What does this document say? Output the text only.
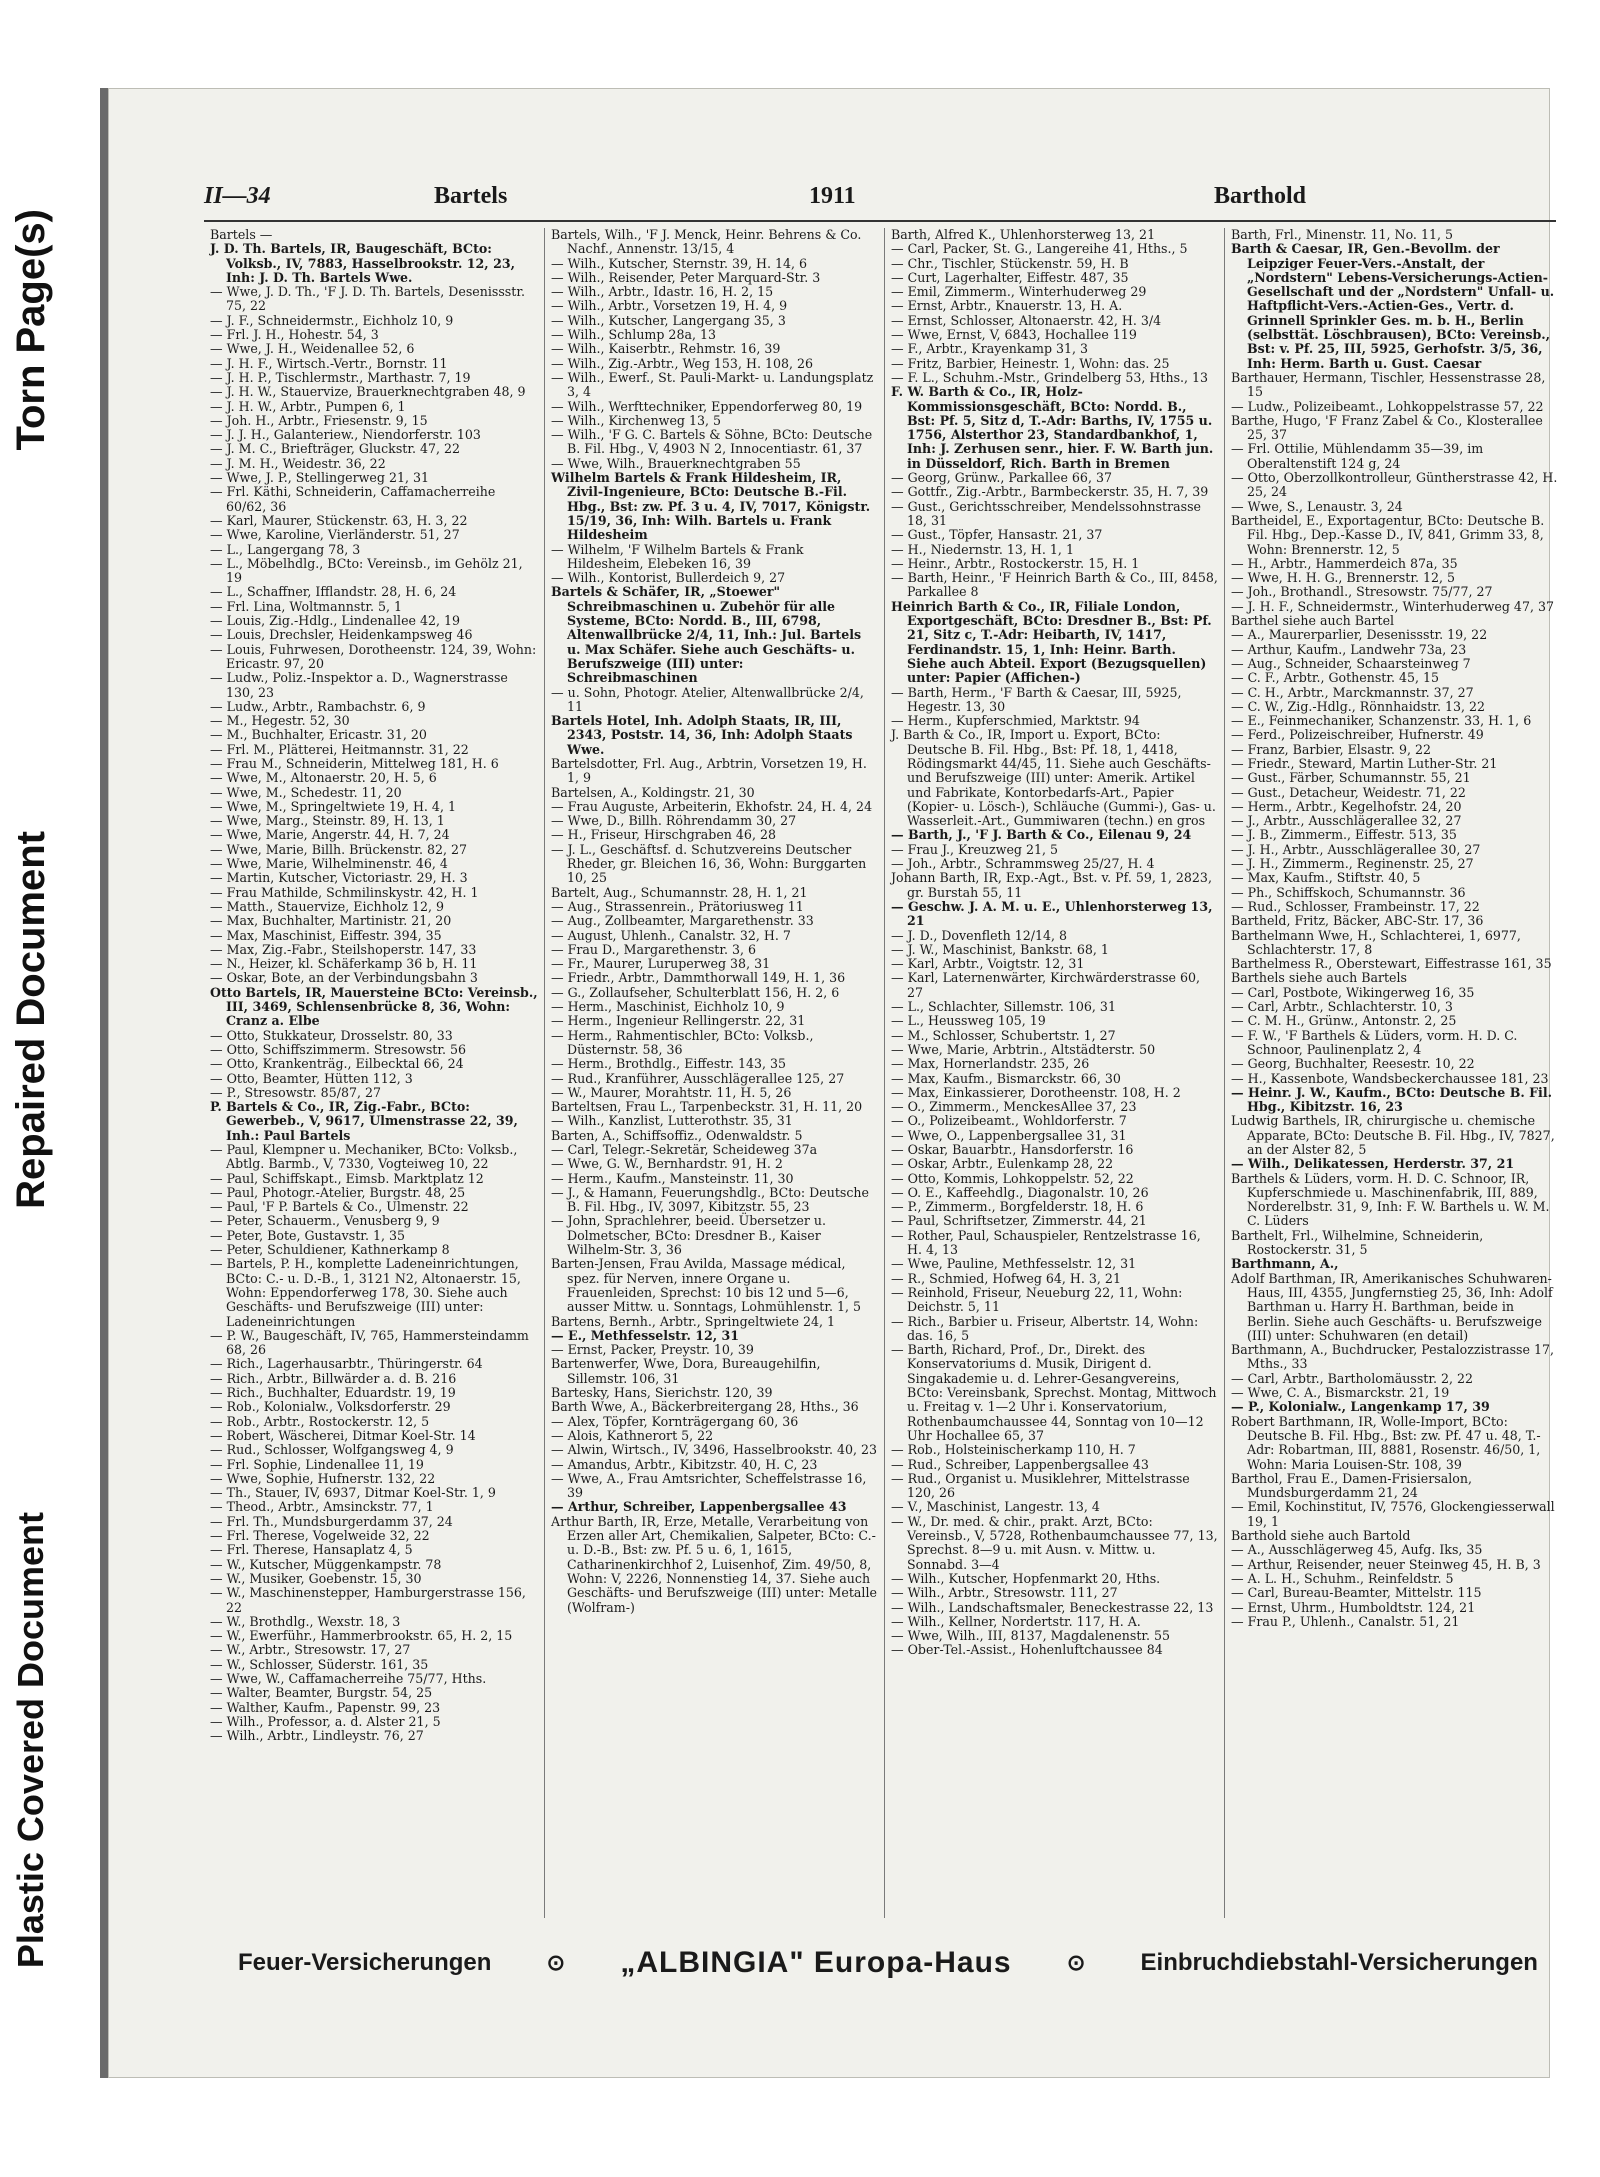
Torn Page(s)
Repaired Document
Plastic Covered Document
II—34	Bartels	1911	Barthold

Bartels —

J. D. Th. Bartels, IR, Baugeschäft, BCto: Volksb., IV, 7883, Hasselbrookstr. 12, 23, Inh: J. D. Th. Bartels Wwe.

— Wwe, J. D. Th., 'F J. D. Th. Bartels, Desenissstr. 75, 22

— J. F., Schneidermstr., Eichholz 10, 9

— Frl. J. H., Hohestr. 54, 3

— Wwe, J. H., Weidenallee 52, 6

— J. H. F., Wirtsch.-Vertr., Bornstr. 11

— J. H. P., Tischlermstr., Marthastr. 7, 19

— J. H. W., Stauervize, Brauerknechtgraben 48, 9

— J. H. W., Arbtr., Pumpen 6, 1

— Joh. H., Arbtr., Friesenstr. 9, 15

— J. J. H., Galanteriew., Niendorferstr. 103

— J. M. C., Briefträger, Gluckstr. 47, 22

— J. M. H., Weidestr. 36, 22

— Wwe, J. P., Stellingerweg 21, 31

— Frl. Käthi, Schneiderin, Caffamacherreihe 60/62, 36

— Karl, Maurer, Stückenstr. 63, H. 3, 22

— Wwe, Karoline, Vierländerstr. 51, 27

— L., Langergang 78, 3

— L., Möbelhdlg., BCto: Vereinsb., im Gehölz 21, 19

— L., Schaffner, Ifflandstr. 28, H. 6, 24

— Frl. Lina, Woltmannstr. 5, 1

— Louis, Zig.-Hdlg., Lindenallee 42, 19

— Louis, Drechsler, Heidenkampsweg 46

— Louis, Fuhrwesen, Dorotheenstr. 124, 39, Wohn: Ericastr. 97, 20

— Ludw., Poliz.-Inspektor a. D., Wagnerstrasse 130, 23

— Ludw., Arbtr., Rambachstr. 6, 9

— M., Hegestr. 52, 30

— M., Buchhalter, Ericastr. 31, 20

— Frl. M., Plätterei, Heitmannstr. 31, 22

— Frau M., Schneiderin, Mittelweg 181, H. 6

— Wwe, M., Altonaerstr. 20, H. 5, 6

— Wwe, M., Schedestr. 11, 20

— Wwe, M., Springeltwiete 19, H. 4, 1

— Wwe, Marg., Steinstr. 89, H. 13, 1

— Wwe, Marie, Angerstr. 44, H. 7, 24

— Wwe, Marie, Billh. Brückenstr. 82, 27

— Wwe, Marie, Wilhelminenstr. 46, 4

— Martin, Kutscher, Victoriastr. 29, H. 3

— Frau Mathilde, Schmilinskystr. 42, H. 1

— Matth., Stauervize, Eichholz 12, 9

— Max, Buchhalter, Martinistr. 21, 20

— Max, Maschinist, Eiffestr. 394, 35

— Max, Zig.-Fabr., Steilshoperstr. 147, 33

— N., Heizer, kl. Schäferkamp 36 b, H. 11

— Oskar, Bote, an der Verbindungsbahn 3

Otto Bartels, IR, Mauersteine BCto: Vereinsb., III, 3469, Schlensenbrücke 8, 36, Wohn: Cranz a. Elbe

— Otto, Stukkateur, Drosselstr. 80, 33

— Otto, Schiffszimmerm. Stresowstr. 56

— Otto, Krankenträg., Eilbecktal 66, 24

— Otto, Beamter, Hütten 112, 3

— P., Stresowstr. 85/87, 27

P. Bartels & Co., IR, Zig.-Fabr., BCto: Gewerbeb., V, 9617, Ulmenstrasse 22, 39, Inh.: Paul Bartels

— Paul, Klempner u. Mechaniker, BCto: Volksb., Abtlg. Barmb., V, 7330, Vogteiweg 10, 22

— Paul, Schiffskapt., Eimsb. Marktplatz 12

— Paul, Photogr.-Atelier, Burgstr. 48, 25

— Paul, 'F P. Bartels & Co., Ulmenstr. 22

— Peter, Schauerm., Venusberg 9, 9

— Peter, Bote, Gustavstr. 1, 35

— Peter, Schuldiener, Kathnerkamp 8

— Bartels, P. H., komplette Ladeneinrichtungen, BCto: C.- u. D.-B., 1, 3121 N2, Altonaerstr. 15, Wohn: Eppendorferweg 178, 30. Siehe auch Geschäfts- und Berufszweige (III) unter: Ladeneinrichtungen

— P. W., Baugeschäft, IV, 765, Hammersteindamm 68, 26

— Rich., Lagerhausarbtr., Thüringerstr. 64

— Rich., Arbtr., Billwärder a. d. B. 216

— Rich., Buchhalter, Eduardstr. 19, 19

— Rob., Kolonialw., Volksdorferstr. 29

— Rob., Arbtr., Rostockerstr. 12, 5

— Robert, Wäscherei, Ditmar Koel-Str. 14

— Rud., Schlosser, Wolfgangsweg 4, 9

— Frl. Sophie, Lindenallee 11, 19

— Wwe, Sophie, Hufnerstr. 132, 22

— Th., Stauer, IV, 6937, Ditmar Koel-Str. 1, 9

— Theod., Arbtr., Amsinckstr. 77, 1

— Frl. Th., Mundsburgerdamm 37, 24

— Frl. Therese, Vogelweide 32, 22

— Frl. Therese, Hansaplatz 4, 5

— W., Kutscher, Müggenkampstr. 78

— W., Musiker, Goebenstr. 15, 30

— W., Maschinenstepper, Hamburgerstrasse 156, 22

— W., Brothdlg., Wexstr. 18, 3

— W., Ewerführ., Hammerbrookstr. 65, H. 2, 15

— W., Arbtr., Stresowstr. 17, 27

— W., Schlosser, Süderstr. 161, 35

— Wwe, W., Caffamacherreihe 75/77, Hths.

— Walter, Beamter, Burgstr. 54, 25

— Walther, Kaufm., Papenstr. 99, 23

— Wilh., Professor, a. d. Alster 21, 5

— Wilh., Arbtr., Lindleystr. 76, 27

Bartels, Wilh., 'F J. Menck, Heinr. Behrens & Co. Nachf., Annenstr. 13/15, 4

— Wilh., Kutscher, Sternstr. 39, H. 14, 6

— Wilh., Reisender, Peter Marquard-Str. 3

— Wilh., Arbtr., Idastr. 16, H. 2, 15

— Wilh., Arbtr., Vorsetzen 19, H. 4, 9

— Wilh., Kutscher, Langergang 35, 3

— Wilh., Schlump 28a, 13

— Wilh., Kaiserbtr., Rehmstr. 16, 39

— Wilh., Zig.-Arbtr., Weg 153, H. 108, 26

— Wilh., Ewerf., St. Pauli-Markt- u. Landungsplatz 3, 4

— Wilh., Werfttechniker, Eppendorferweg 80, 19

— Wilh., Kirchenweg 13, 5

— Wilh., 'F G. C. Bartels & Söhne, BCto: Deutsche B. Fil. Hbg., V, 4903 N 2, Innocentiastr. 61, 37

— Wwe, Wilh., Brauerknechtgraben 55

Wilhelm Bartels & Frank Hildesheim, IR, Zivil-Ingenieure, BCto: Deutsche B.-Fil. Hbg., Bst: zw. Pf. 3 u. 4, IV, 7017, Königstr. 15/19, 36, Inh: Wilh. Bartels u. Frank Hildesheim

— Wilhelm, 'F Wilhelm Bartels & Frank Hildesheim, Elebeken 16, 39

— Wilh., Kontorist, Bullerdeich 9, 27

Bartels & Schäfer, IR, „Stoewer" Schreibmaschinen u. Zubehör für alle Systeme, BCto: Nordd. B., III, 6798, Altenwallbrücke 2/4, 11, Inh.: Jul. Bartels u. Max Schäfer. Siehe auch Geschäfts- u. Berufszweige (III) unter: Schreibmaschinen

— u. Sohn, Photogr. Atelier, Altenwallbrücke 2/4, 11

Bartels Hotel, Inh. Adolph Staats, IR, III, 2343, Poststr. 14, 36, Inh: Adolph Staats Wwe.

Bartelsdotter, Frl. Aug., Arbtrin, Vorsetzen 19, H. 1, 9

Bartelsen, A., Koldingstr. 21, 30

— Frau Auguste, Arbeiterin, Ekhofstr. 24, H. 4, 24

— Wwe, D., Billh. Röhrendamm 30, 27

— H., Friseur, Hirschgraben 46, 28

— J. L., Geschäftsf. d. Schutzvereins Deutscher Rheder, gr. Bleichen 16, 36, Wohn: Burggarten 10, 25

Bartelt, Aug., Schumannstr. 28, H. 1, 21

— Aug., Strassenrein., Prätoriusweg 11

— Aug., Zollbeamter, Margarethenstr. 33

— August, Uhlenh., Canalstr. 32, H. 7

— Frau D., Margarethenstr. 3, 6

— Fr., Maurer, Luruperweg 38, 31

— Friedr., Arbtr., Dammthorwall 149, H. 1, 36

— G., Zollaufseher, Schulterblatt 156, H. 2, 6

— Herm., Maschinist, Eichholz 10, 9

— Herm., Ingenieur Rellingerstr. 22, 31

— Herm., Rahmentischler, BCto: Volksb., Düsternstr. 58, 36

— Herm., Brothdlg., Eiffestr. 143, 35

— Rud., Kranführer, Ausschlägerallee 125, 27

— W., Maurer, Morahtstr. 11, H. 5, 26

Barteltsen, Frau L., Tarpenbeckstr. 31, H. 11, 20

— Wilh., Kanzlist, Lutterothstr. 35, 31

Barten, A., Schiffsoffiz., Odenwaldstr. 5

— Carl, Telegr.-Sekretär, Scheideweg 37a

— Wwe, G. W., Bernhardstr. 91, H. 2

— Herm., Kaufm., Mansteinstr. 11, 30

— J., & Hamann, Feuerungshdlg., BCto: Deutsche B. Fil. Hbg., IV, 3097, Kibitzstr. 55, 23

— John, Sprachlehrer, beeid. Übersetzer u. Dolmetscher, BCto: Dresdner B., Kaiser Wilhelm-Str. 3, 36

Barten-Jensen, Frau Avilda, Massage médical, spez. für Nerven, innere Organe u. Frauenleiden, Sprechst: 10 bis 12 und 5—6, ausser Mittw. u. Sonntags, Lohmühlenstr. 1, 5

Bartens, Bernh., Arbtr., Springeltwiete 24, 1

— E., Methfesselstr. 12, 31

— Ernst, Packer, Preystr. 10, 39

Bartenwerfer, Wwe, Dora, Bureaugehilfin, Sillemstr. 106, 31

Bartesky, Hans, Sierichstr. 120, 39

Barth Wwe, A., Bäckerbreitergang 28, Hths., 36

— Alex, Töpfer, Kornträgergang 60, 36

— Alois, Kathnerort 5, 22

— Alwin, Wirtsch., IV, 3496, Hasselbrookstr. 40, 23

— Amandus, Arbtr., Kibitzstr. 40, H. C, 23

— Wwe, A., Frau Amtsrichter, Scheffelstrasse 16, 39

— Arthur, Schreiber, Lappenbergsallee 43

Arthur Barth, IR, Erze, Metalle, Verarbeitung von Erzen aller Art, Chemikalien, Salpeter, BCto: C.- u. D.-B., Bst: zw. Pf. 5 u. 6, 1, 1615, Catharinenkirchhof 2, Luisenhof, Zim. 49/50, 8, Wohn: V, 2226, Nonnenstieg 14, 37. Siehe auch Geschäfts- und Berufszweige (III) unter: Metalle (Wolfram-)

Barth, Alfred K., Uhlenhorsterweg 13, 21

— Carl, Packer, St. G., Langereihe 41, Hths., 5

— Chr., Tischler, Stückenstr. 59, H. B

— Curt, Lagerhalter, Eiffestr. 487, 35

— Emil, Zimmerm., Winterhuderweg 29

— Ernst, Arbtr., Knauerstr. 13, H. A.

— Ernst, Schlosser, Altonaerstr. 42, H. 3/4

— Wwe, Ernst, V, 6843, Hochallee 119

— F., Arbtr., Krayenkamp 31, 3

— Fritz, Barbier, Heinestr. 1, Wohn: das. 25

— F. L., Schuhm.-Mstr., Grindelberg 53, Hths., 13

F. W. Barth & Co., IR, Holz-Kommissionsgeschäft, BCto: Nordd. B., Bst: Pf. 5, Sitz d, T.-Adr: Barths, IV, 1755 u. 1756, Alsterthor 23, Standardbankhof, 1, Inh: J. Zerhusen senr., hier. F. W. Barth jun. in Düsseldorf, Rich. Barth in Bremen

— Georg, Grünw., Parkallee 66, 37

— Gottfr., Zig.-Arbtr., Barmbeckerstr. 35, H. 7, 39

— Gust., Gerichtsschreiber, Mendelssohnstrasse 18, 31

— Gust., Töpfer, Hansastr. 21, 37

— H., Niedernstr. 13, H. 1, 1

— Heinr., Arbtr., Rostockerstr. 15, H. 1

— Barth, Heinr., 'F Heinrich Barth & Co., III, 8458, Parkallee 8

Heinrich Barth & Co., IR, Filiale London, Exportgeschäft, BCto: Dresdner B., Bst: Pf. 21, Sitz c, T.-Adr: Heibarth, IV, 1417, Ferdinandstr. 15, 1, Inh: Heinr. Barth. Siehe auch Abteil. Export (Bezugsquellen) unter: Papier (Affichen-)

— Barth, Herm., 'F Barth & Caesar, III, 5925, Hegestr. 13, 30

— Herm., Kupferschmied, Marktstr. 94

J. Barth & Co., IR, Import u. Export, BCto: Deutsche B. Fil. Hbg., Bst: Pf. 18, 1, 4418, Rödingsmarkt 44/45, 11. Siehe auch Geschäfts- und Berufszweige (III) unter: Amerik. Artikel und Fabrikate, Kontorbedarfs-Art., Papier (Kopier- u. Lösch-), Schläuche (Gummi-), Gas- u. Wasserleit.-Art., Gummiwaren (techn.) en gros

— Barth, J., 'F J. Barth & Co., Eilenau 9, 24

— Frau J., Kreuzweg 21, 5

— Joh., Arbtr., Schrammsweg 25/27, H. 4

Johann Barth, IR, Exp.-Agt., Bst. v. Pf. 59, 1, 2823, gr. Burstah 55, 11

— Geschw. J. A. M. u. E., Uhlenhorsterweg 13, 21

— J. D., Dovenfleth 12/14, 8

— J. W., Maschinist, Bankstr. 68, 1

— Karl, Arbtr., Voigtstr. 12, 31

— Karl, Laternenwärter, Kirchwärderstrasse 60, 27

— L., Schlachter, Sillemstr. 106, 31

— L., Heussweg 105, 19

— M., Schlosser, Schubertstr. 1, 27

— Wwe, Marie, Arbtrin., Altstädterstr. 50

— Max, Hornerlandstr. 235, 26

— Max, Kaufm., Bismarckstr. 66, 30

— Max, Einkassierer, Dorotheenstr. 108, H. 2

— O., Zimmerm., MenckesAllee 37, 23

— O., Polizeibeamt., Wohldorferstr. 7

— Wwe, O., Lappenbergsallee 31, 31

— Oskar, Bauarbtr., Hansdorferstr. 16

— Oskar, Arbtr., Eulenkamp 28, 22

— Otto, Kommis, Lohkoppelstr. 52, 22

— O. E., Kaffeehdlg., Diagonalstr. 10, 26

— P., Zimmerm., Borgfelderstr. 18, H. 6

— Paul, Schriftsetzer, Zimmerstr. 44, 21

— Rother, Paul, Schauspieler, Rentzelstrasse 16, H. 4, 13

— Wwe, Pauline, Methfesselstr. 12, 31

— R., Schmied, Hofweg 64, H. 3, 21

— Reinhold, Friseur, Neueburg 22, 11, Wohn: Deichstr. 5, 11

— Rich., Barbier u. Friseur, Albertstr. 14, Wohn: das. 16, 5

— Barth, Richard, Prof., Dr., Direkt. des Konservatoriums d. Musik, Dirigent d. Singakademie u. d. Lehrer-Gesangvereins, BCto: Vereinsbank, Sprechst. Montag, Mittwoch u. Freitag v. 1—2 Uhr i. Konservatorium, Rothenbaumchaussee 44, Sonntag von 10—12 Uhr Hochallee 65, 37

— Rob., Holsteinischerkamp 110, H. 7

— Rud., Schreiber, Lappenbergsallee 43

— Rud., Organist u. Musiklehrer, Mittelstrasse 120, 26

— V., Maschinist, Langestr. 13, 4

— W., Dr. med. & chir., prakt. Arzt, BCto: Vereinsb., V, 5728, Rothenbaumchaussee 77, 13, Sprechst. 8—9 u. mit Ausn. v. Mittw. u. Sonnabd. 3—4

— Wilh., Kutscher, Hopfenmarkt 20, Hths.

— Wilh., Arbtr., Stresowstr. 111, 27

— Wilh., Landschaftsmaler, Beneckestrasse 22, 13

— Wilh., Kellner, Nordertstr. 117, H. A.

— Wwe, Wilh., III, 8137, Magdalenenstr. 55

— Ober-Tel.-Assist., Hohenluftchaussee 84

Barth, Frl., Minenstr. 11, No. 11, 5

Barth & Caesar, IR, Gen.-Bevollm. der Leipziger Feuer-Vers.-Anstalt, der „Nordstern" Lebens-Versicherungs-Actien-Gesellschaft und der „Nordstern" Unfall- u. Haftpflicht-Vers.-Actien-Ges., Vertr. d. Grinnell Sprinkler Ges. m. b. H., Berlin (selbsttät. Löschbrausen), BCto: Vereinsb., Bst: v. Pf. 25, III, 5925, Gerhofstr. 3/5, 36, Inh: Herm. Barth u. Gust. Caesar

Barthauer, Hermann, Tischler, Hessenstrasse 28, 15

— Ludw., Polizeibeamt., Lohkoppelstrasse 57, 22

Barthe, Hugo, 'F Franz Zabel & Co., Klosterallee 25, 37

— Frl. Ottilie, Mühlendamm 35—39, im Oberaltenstift 124 g, 24

— Otto, Oberzollkontrolleur, Güntherstrasse 42, H. 25, 24

— Wwe, S., Lenaustr. 3, 24

Bartheidel, E., Exportagentur, BCto: Deutsche B. Fil. Hbg., Dep.-Kasse D., IV, 841, Grimm 33, 8, Wohn: Brennerstr. 12, 5

— H., Arbtr., Hammerdeich 87a, 35

— Wwe, H. H. G., Brennerstr. 12, 5

— Joh., Brothandl., Stresowstr. 75/77, 27

— J. H. F., Schneidermstr., Winterhuderweg 47, 37

Barthel siehe auch Bartel

— A., Maurerparlier, Desenissstr. 19, 22

— Arthur, Kaufm., Landwehr 73a, 23

— Aug., Schneider, Schaarsteinweg 7

— C. F., Arbtr., Gothenstr. 45, 15

— C. H., Arbtr., Marckmannstr. 37, 27

— C. W., Zig.-Hdlg., Rönnhaidstr. 13, 22

— E., Feinmechaniker, Schanzenstr. 33, H. 1, 6

— Ferd., Polizeischreiber, Hufnerstr. 49

— Franz, Barbier, Elsastr. 9, 22

— Friedr., Steward, Martin Luther-Str. 21

— Gust., Färber, Schumannstr. 55, 21

— Gust., Detacheur, Weidestr. 71, 22

— Herm., Arbtr., Kegelhofstr. 24, 20

— J., Arbtr., Ausschlägerallee 32, 27

— J. B., Zimmerm., Eiffestr. 513, 35

— J. H., Arbtr., Ausschlägerallee 30, 27

— J. H., Zimmerm., Reginenstr. 25, 27

— Max, Kaufm., Stiftstr. 40, 5

— Ph., Schiffskoch, Schumannstr. 36

— Rud., Schlosser, Frambeinstr. 17, 22

Bartheld, Fritz, Bäcker, ABC-Str. 17, 36

Barthelmann Wwe, H., Schlachterei, 1, 6977, Schlachterstr. 17, 8

Barthelmess R., Oberstewart, Eiffestrasse 161, 35

Barthels siehe auch Bartels

— Carl, Postbote, Wikingerweg 16, 35

— Carl, Arbtr., Schlachterstr. 10, 3

— C. M. H., Grünw., Antonstr. 2, 25

— F. W., 'F Barthels & Lüders, vorm. H. D. C. Schnoor, Paulinenplatz 2, 4

— Georg, Buchhalter, Reesestr. 10, 22

— H., Kassenbote, Wandsbeckerchaussee 181, 23

— Heinr. J. W., Kaufm., BCto: Deutsche B. Fil. Hbg., Kibitzstr. 16, 23

Ludwig Barthels, IR, chirurgische u. chemische Apparate, BCto: Deutsche B. Fil. Hbg., IV, 7827, an der Alster 82, 5

— Wilh., Delikatessen, Herderstr. 37, 21

Barthels & Lüders, vorm. H. D. C. Schnoor, IR, Kupferschmiede u. Maschinenfabrik, III, 889, Norderelbstr. 31, 9, Inh: F. W. Barthels u. W. M. C. Lüders

Barthelt, Frl., Wilhelmine, Schneiderin, Rostockerstr. 31, 5

Barthmann, A.,

Adolf Barthman, IR, Amerikanisches Schuhwaren-Haus, III, 4355, Jungfernstieg 25, 36, Inh: Adolf Barthman u. Harry H. Barthman, beide in Berlin. Siehe auch Geschäfts- u. Berufszweige (III) unter: Schuhwaren (en detail)

Barthmann, A., Buchdrucker, Pestalozzistrasse 17, Mths., 33

— Carl, Arbtr., Bartholomäusstr. 2, 22

— Wwe, C. A., Bismarckstr. 21, 19

— P., Kolonialw., Langenkamp 17, 39

Robert Barthmann, IR, Wolle-Import, BCto: Deutsche B. Fil. Hbg., Bst: zw. Pf. 47 u. 48, T.-Adr: Robartman, III, 8881, Rosenstr. 46/50, 1, Wohn: Maria Louisen-Str. 108, 39

Barthol, Frau E., Damen-Frisiersalon, Mundsburgerdamm 21, 24

— Emil, Kochinstitut, IV, 7576, Glockengiesserwall 19, 1

Barthold siehe auch Bartold

— A., Ausschlägerweg 45, Aufg. Iks, 35

— Arthur, Reisender, neuer Steinweg 45, H. B, 3

— A. L. H., Schuhm., Reinfeldstr. 5

— Carl, Bureau-Beamter, Mittelstr. 115

— Ernst, Uhrm., Humboldtstr. 124, 21

— Frau P., Uhlenh., Canalstr. 51, 21

Feuer-Versicherungen	⊙ „ALBINGIA" Europa-Haus	⊙ Einbruchdiebstahl-Versicherungen
